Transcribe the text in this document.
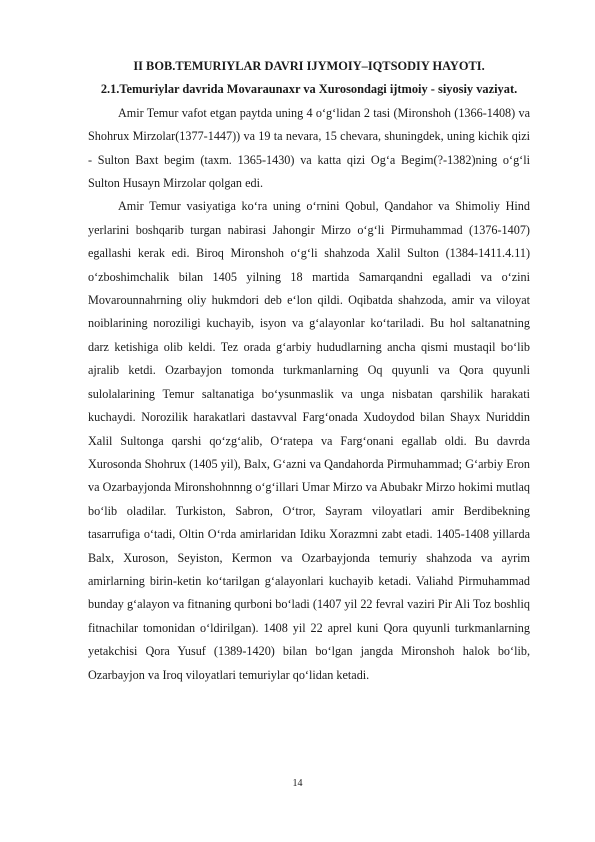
II BOB.TEMURIYLAR DAVRI IJYMOIY–IQTSODIY HAYOTI.
2.1.Temuriylar davrida Movaraunaxr va Xurosondagi ijtmoiy - siyosiy vaziyat.

Amir Temur vafot etgan paytda uning 4 o‘g‘lidan 2 tasi (Mironshoh (1366-1408) va Shohrux Mirzolar(1377-1447)) va 19 ta nevara, 15 chevara, shuningdek, uning kichik qizi - Sulton Baxt begim (taxm. 1365-1430) va katta qizi Og‘a Begim(?-1382)ning o‘g‘li Sulton Husayn Mirzolar qolgan edi.

Amir Temur vasiyatiga ko‘ra uning o‘rnini Qobul, Qandahor va Shimoliy Hind yerlarini boshqarib turgan nabirasi Jahongir Mirzo o‘g‘li Pirmuhammad (1376-1407) egallashi kerak edi. Biroq Mironshoh o‘g‘li shahzoda Xalil Sulton (1384-1411.4.11) o‘zboshimchalik bilan 1405 yilning 18 martida Samarqandni egalladi va o‘zini Movarounnahrning oliy hukmdori deb e‘lon qildi. Oqibatda shahzoda, amir va viloyat noiblarining noroziligi kuchayib, isyon va g‘alayonlar ko‘tariladi. Bu hol saltanatning darz ketishiga olib keldi. Tez orada g‘arbiy hududlarning ancha qismi mustaqil bo‘lib ajralib ketdi. Ozarbayjon tomonda turkmanlarning Oq quyunli va Qora quyunli sulolalarining Temur saltanatiga bo‘ysunmaslik va unga nisbatan qarshilik harakati kuchaydi. Norozilik harakatlari dastavval Farg‘onada Xudoydod bilan Shayx Nuriddin Xalil Sultonga qarshi qo‘zg‘alib, O‘ratepa va Farg‘onani egallab oldi. Bu davrda Xurosonda Shohrux (1405 yil), Balx, G‘azni va Qandahorda Pirmuhammad; G‘arbiy Eron va Ozarbayjonda Mironshohnnng o‘g‘illari Umar Mirzo va Abubakr Mirzo hokimi mutlaq bo‘lib oladilar. Turkiston, Sabron, O‘tror, Sayram viloyatlari amir Berdibekning tasarrufiga o‘tadi, Oltin O‘rda amirlaridan Idiku Xorazmni zabt etadi. 1405-1408 yillarda Balx, Xuroson, Seyiston, Kermon va Ozarbayjonda temuriy shahzoda va ayrim amirlarning birin-ketin ko‘tarilgan g‘alayonlari kuchayib ketadi. Valiahd Pirmuhammad bunday g‘alayon va fitnaning qurboni bo‘ladi (1407 yil 22 fevral vaziri Pir Ali Toz boshliq fitnachilar tomonidan o‘ldirilgan). 1408 yil 22 aprel kuni Qora quyunli turkmanlarning yetakchisi Qora Yusuf (1389-1420) bilan bo‘lgan jangda Mironshoh halok bo‘lib, Ozarbayjon va Iroq viloyatlari temuriylar qo‘lidan ketadi.

14
